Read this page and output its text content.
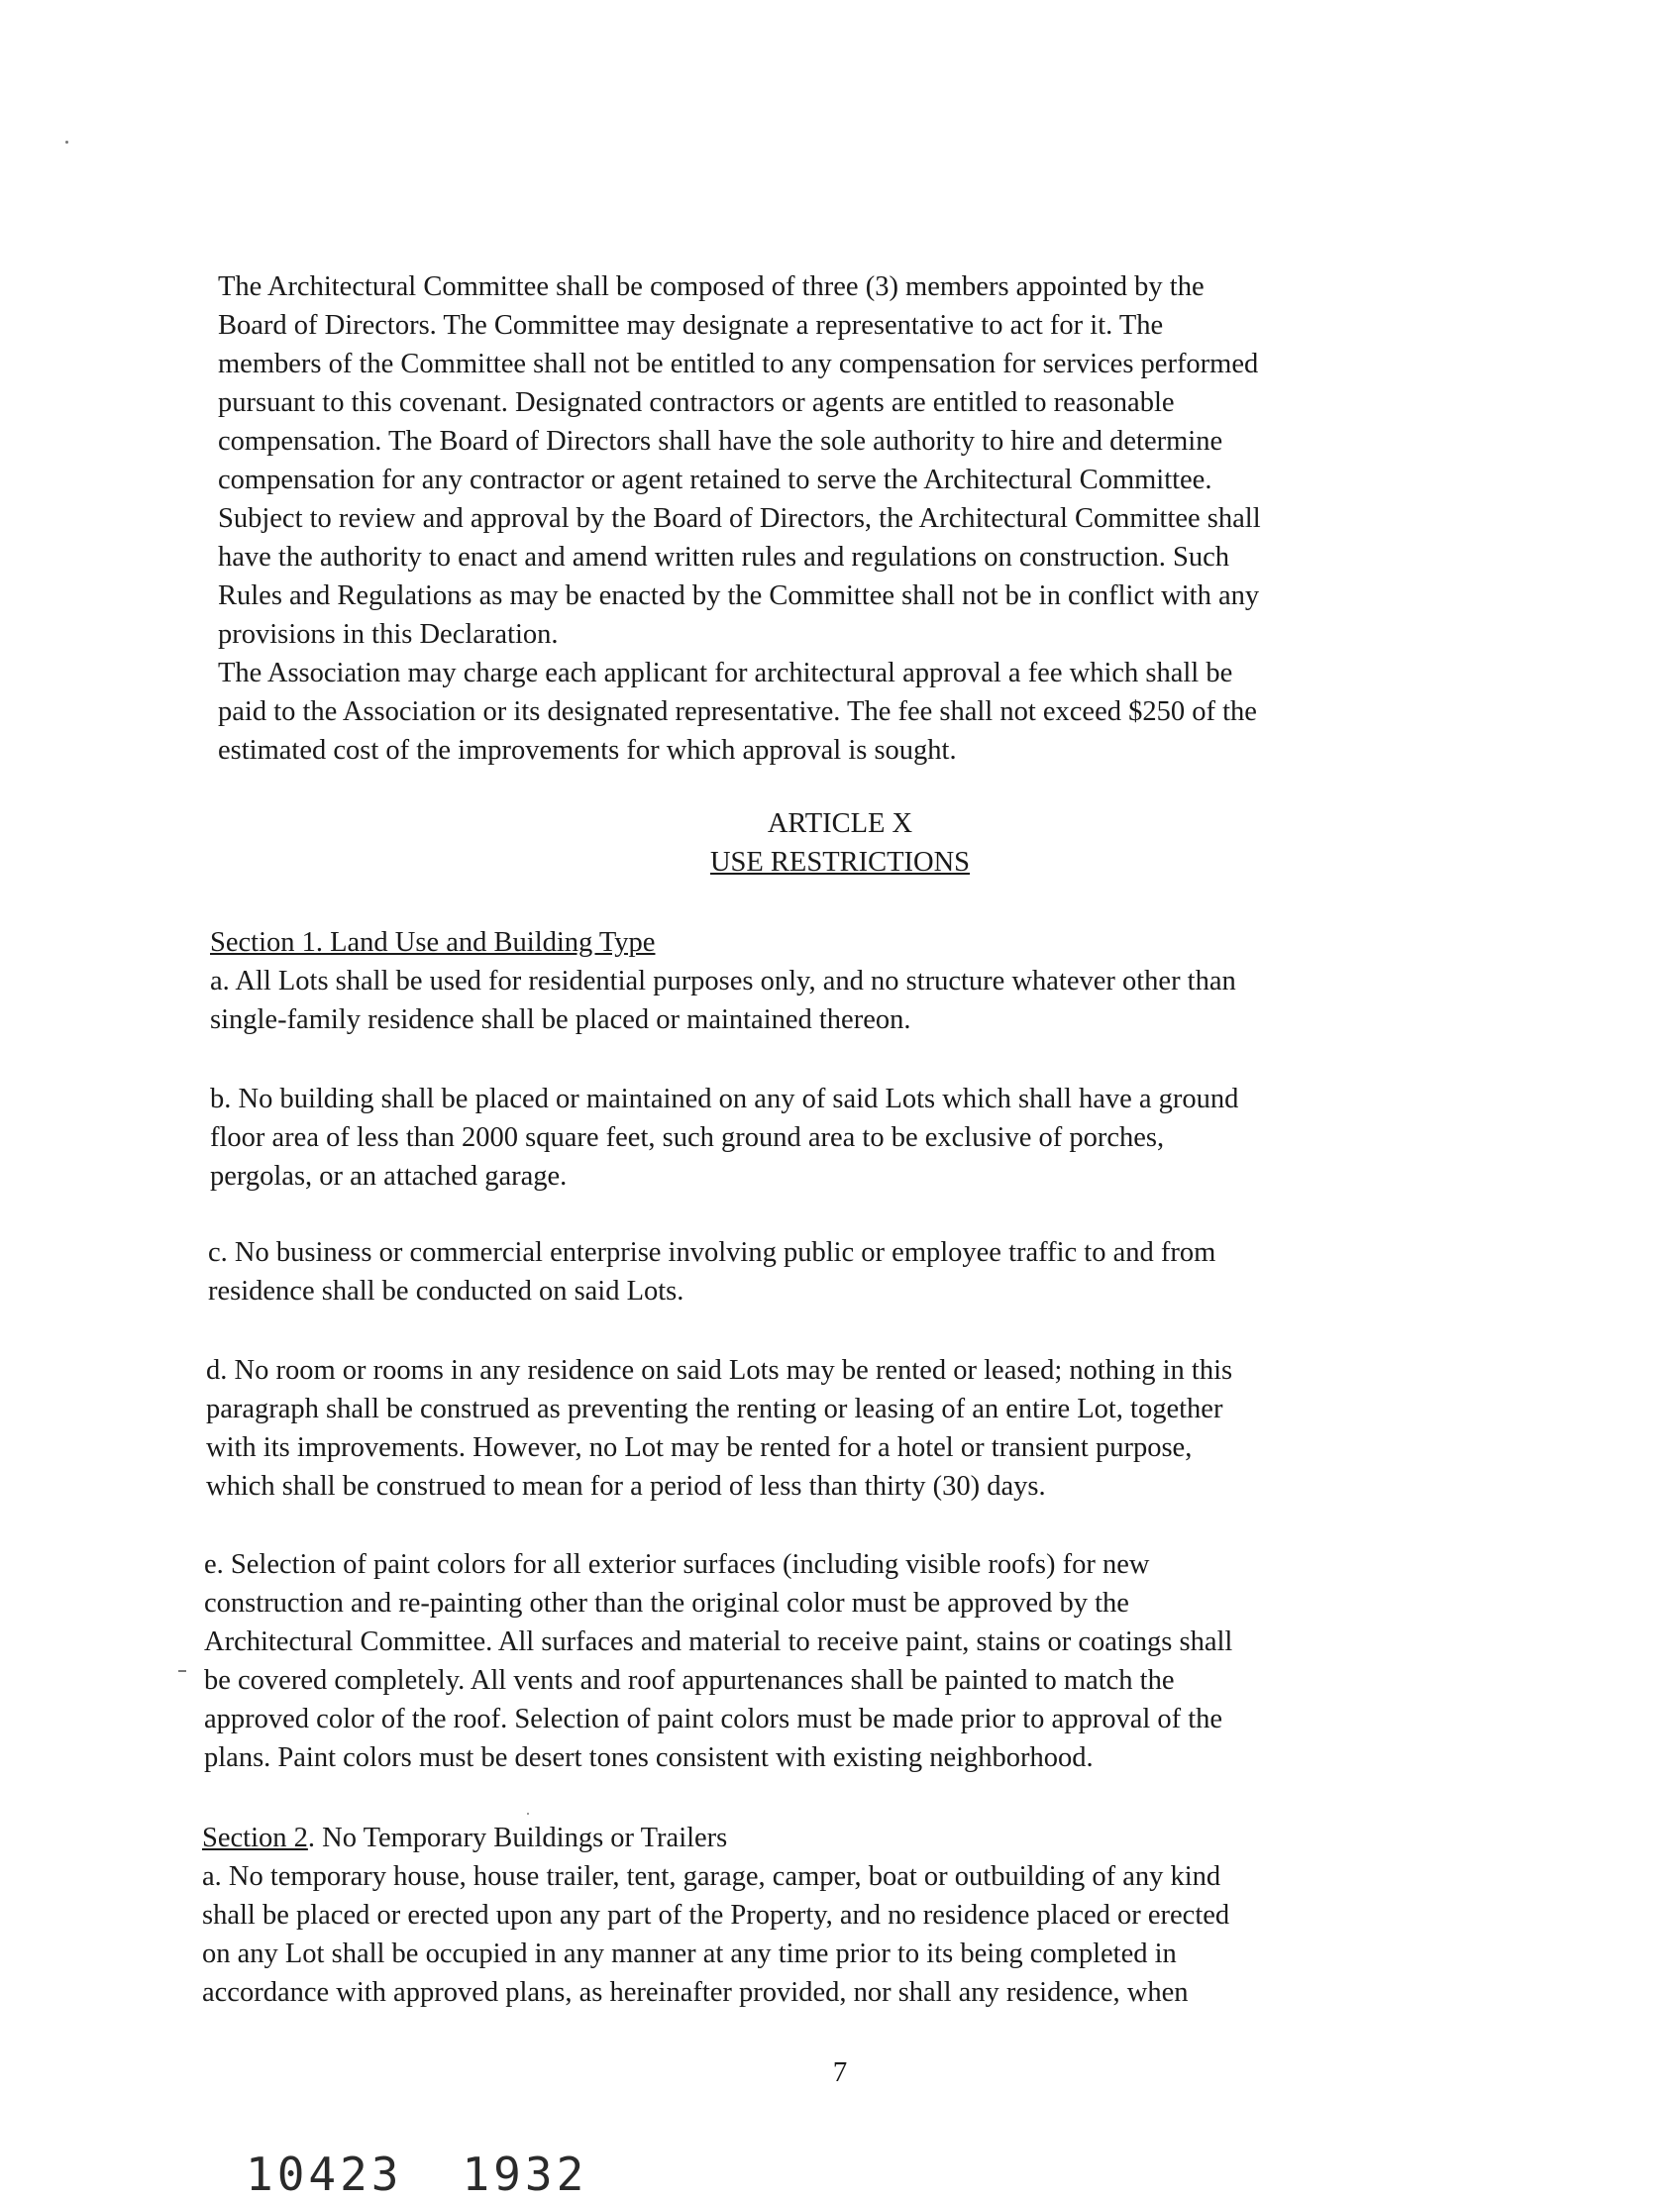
The Architectural Committee shall be composed of three (3) members appointed by the
Board of Directors. The Committee may designate a representative to act for it. The
members of the Committee shall not be entitled to any compensation for services performed
pursuant to this covenant. Designated contractors or agents are entitled to reasonable
compensation. The Board of Directors shall have the sole authority to hire and determine
compensation for any contractor or agent retained to serve the Architectural Committee.
Subject to review and approval by the Board of Directors, the Architectural Committee shall
have the authority to enact and amend written rules and regulations on construction. Such
Rules and Regulations as may be enacted by the Committee shall not be in conflict with any
provisions in this Declaration.
The Association may charge each applicant for architectural approval a fee which shall be
paid to the Association or its designated representative. The fee shall not exceed $250 of the
estimated cost of the improvements for which approval is sought.
ARTICLE X
USE RESTRICTIONS
Section 1. Land Use and Building Type
a. All Lots shall be used for residential purposes only, and no structure whatever other than
single-family residence shall be placed or maintained thereon.
b. No building shall be placed or maintained on any of said Lots which shall have a ground
floor area of less than 2000 square feet, such ground area to be exclusive of porches,
pergolas, or an attached garage.
c. No business or commercial enterprise involving public or employee traffic to and from
residence shall be conducted on said Lots.
d. No room or rooms in any residence on said Lots may be rented or leased; nothing in this
paragraph shall be construed as preventing the renting or leasing of an entire Lot, together
with its improvements. However, no Lot may be rented for a hotel or transient purpose,
which shall be construed to mean for a period of less than thirty (30) days.
e. Selection of paint colors for all exterior surfaces (including visible roofs) for new
construction and re-painting other than the original color must be approved by the
Architectural Committee. All surfaces and material to receive paint, stains or coatings shall
be covered completely. All vents and roof appurtenances shall be painted to match the
approved color of the roof. Selection of paint colors must be made prior to approval of the
plans. Paint colors must be desert tones consistent with existing neighborhood.
Section 2. No Temporary Buildings or Trailers
a. No temporary house, house trailer, tent, garage, camper, boat or outbuilding of any kind
shall be placed or erected upon any part of the Property, and no residence placed or erected
on any Lot shall be occupied in any manner at any time prior to its being completed in
accordance with approved plans, as hereinafter provided, nor shall any residence, when
7
10423 1932
